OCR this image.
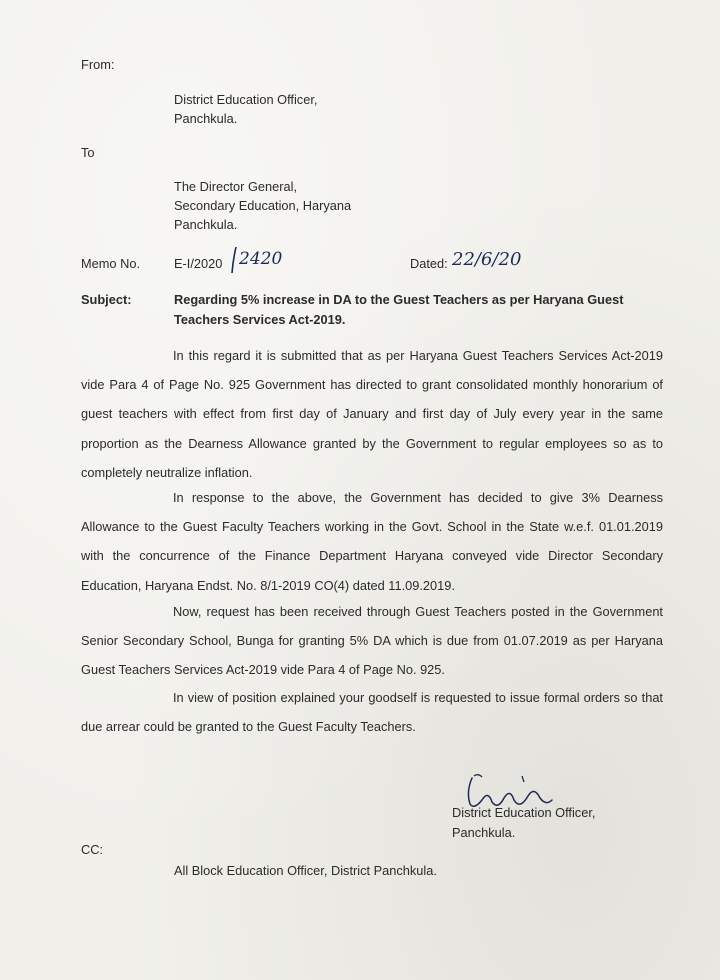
From:
District Education Officer,
Panchkula.
To
The Director General,
Secondary Education, Haryana
Panchkula.
Memo No.	E-I/2020 2420	Dated: 22/6/20
Subject:	Regarding 5% increase in DA to the Guest Teachers as per Haryana Guest
Teachers Services Act-2019.

In this regard it is submitted that as per Haryana Guest Teachers Services Act-2019 vide Para 4 of Page No. 925 Government has directed to grant consolidated monthly honorarium of guest teachers with effect from first day of January and first day of July every year in the same proportion as the Dearness Allowance granted by the Government to regular employees so as to completely neutralize inflation.

In response to the above, the Government has decided to give 3% Dearness Allowance to the Guest Faculty Teachers working in the Govt. School in the State w.e.f. 01.01.2019 with the concurrence of the Finance Department Haryana conveyed vide Director Secondary Education, Haryana Endst. No. 8/1-2019 CO(4) dated 11.09.2019.

Now, request has been received through Guest Teachers posted in the Government Senior Secondary School, Bunga for granting 5% DA which is due from 01.07.2019 as per Haryana Guest Teachers Services Act-2019 vide Para 4 of Page No. 925.

In view of position explained your goodself is requested to issue formal orders so that due arrear could be granted to the Guest Faculty Teachers.

District Education Officer,
Panchkula.
CC:
All Block Education Officer, District Panchkula.
